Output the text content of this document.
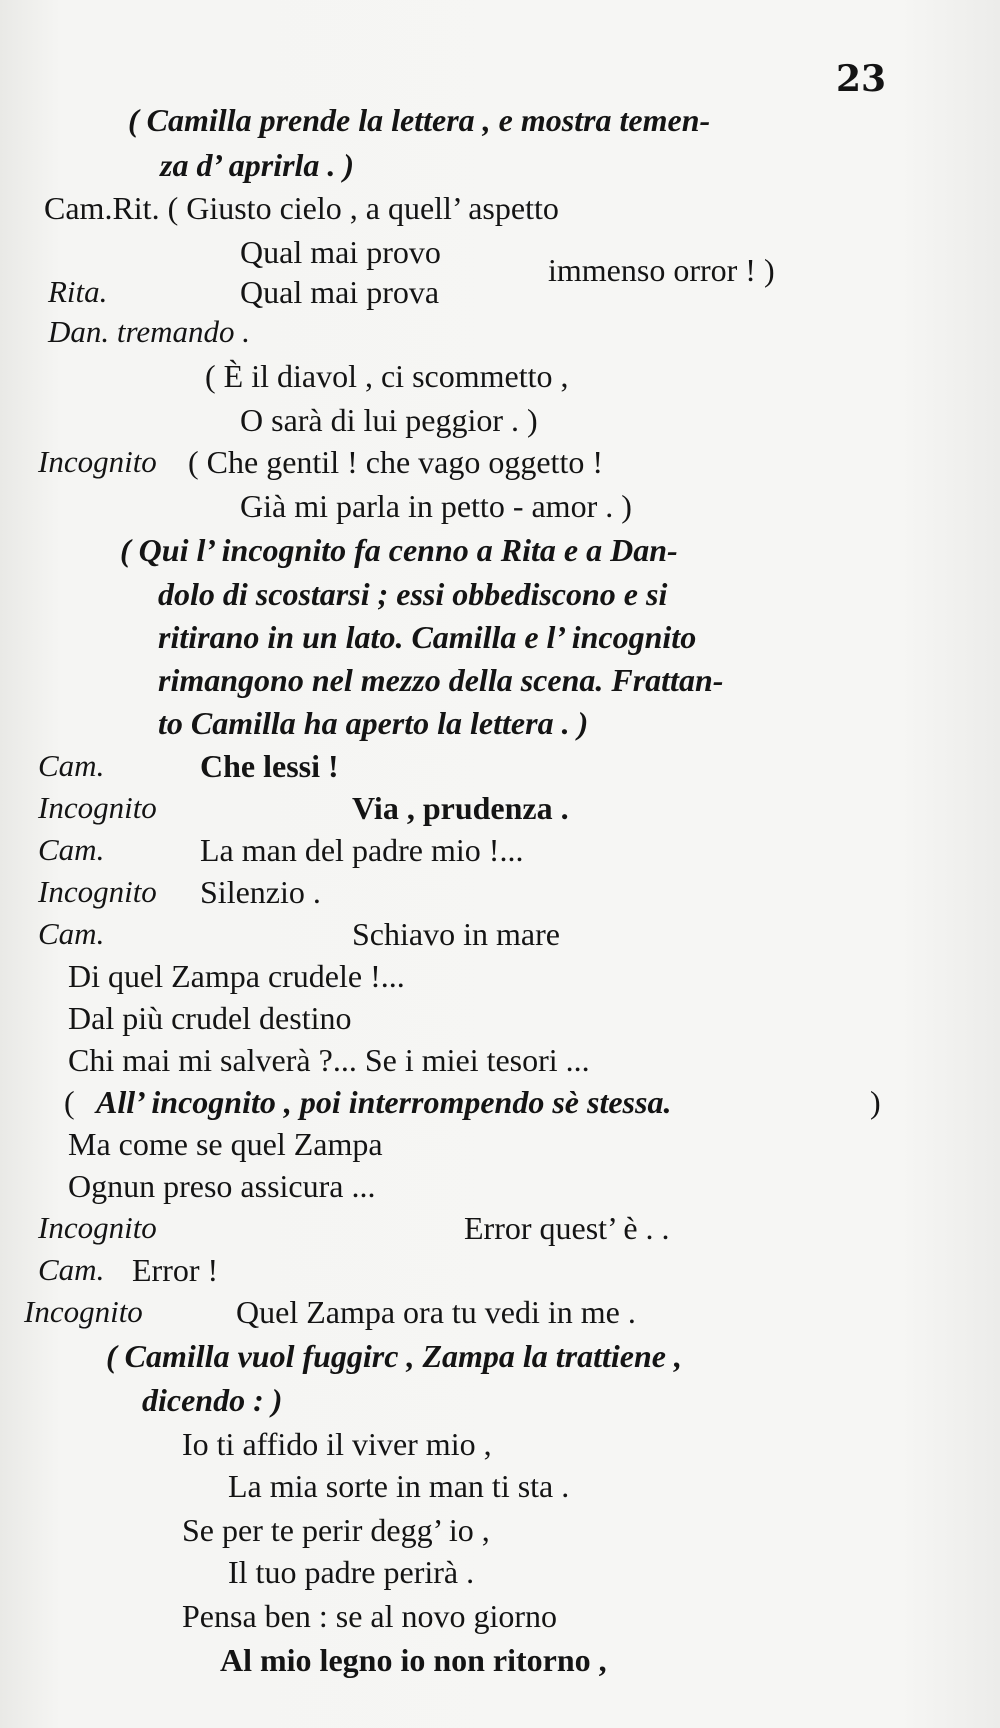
23
( Camilla prende la lettera , e mostra temen-
za d’ aprirla . )
Cam.Rit. ( Giusto cielo , a quell’ aspetto
Qual mai provo	immenso orror ! )
Rita.	Qual mai prova
Dan. tremando .
( È il diavol , ci scommetto ,
O sarà di lui peggior . )
Incognito ( Che gentil ! che vago oggetto !
Già mi parla in petto - amor . )
( Qui l’ incognito fa cenno a Rita e a Dan-
dolo di scostarsi ; essi obbediscono e si
ritirano in un lato. Camilla e l’ incognito
rimangono nel mezzo della scena. Frattan-
to Camilla ha aperto la lettera . )
Cam.	Che lessi !
Incognito	Via , prudenza .
Cam.	La man del padre mio !...
Incognito Silenzio .
Cam.	Schiavo in mare
Di quel Zampa crudele !...
Dal più crudel destino
Chi mai mi salverà ?... Se i miei tesori ...
( All’ incognito , poi interrompendo sè stessa.	)
Ma come se quel Zampa
Ognun preso assicura ...
Incognito	Error quest’ è . .
Cam. Error !
Incognito	Quel Zampa ora tu vedi in me .
( Camilla vuol fuggirc , Zampa la trattiene ,
dicendo : )
Io ti affido il viver mio ,
La mia sorte in man ti sta .
Se per te perir degg’ io ,
Il tuo padre perirà .
Pensa ben : se al novo giorno
Al mio legno io non ritorno ,
